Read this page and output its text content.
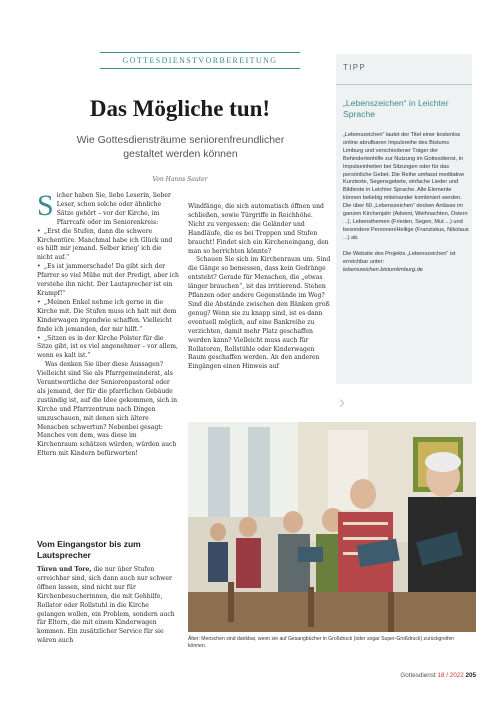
GOTTESDIENSTVORBEREITUNG
Das Mögliche tun!
Wie Gottesdiensträume seniorenfreundlicher
gestaltet werden können
Von Hanns Sauter

Sicher haben Sie, liebe Leserin, lieber Leser, schon solche oder ähnliche Sätze gehört – vor der Kirche, im Pfarrcafé oder im Seniorenkreis:

• „Erst die Stufen, dann die schwere Kirchentüre. Manchmal habe ich Glück und es hilft mir jemand. Selber krieg' ich die nicht auf.“

• „Es ist jammerschade! Da gibt sich der Pfarrer so viel Mühe mit der Predigt, aber ich verstehe ihn nicht. Der Lautsprecher ist ein Krampf!“

• „Meinen Enkel nehme ich gerne in die Kirche mit. Die Stufen muss ich halt mit dem Kinderwagen irgendwie schaffen. Vielleicht finde ich jemanden, der mir hilft.“

• „Sitzen es in der Kirche Polster für die Sitze gibt, ist es viel angenehmer – vor allem, wenn es kalt ist.“

Was denken Sie über diese Aussagen? Vielleicht sind Sie als Pfarrgemeinderat, als Verantwortliche der Seniorenpastoral oder als jemand, der für die pfarrlichen Gebäude zuständig ist, auf die Idee gekommen, sich in Kirche und Pfarrzentrum nach Dingen umzuschauen, mit denen sich ältere Menschen schwertun? Nebenbei gesagt: Manches von dem, was diese im Kirchenraum schätzen würden, würden auch Eltern mit Kindern befürworten!

Vom Eingangstor bis zum

Lautsprecher

Türen und Tore, die nur über Stufen erreichbar sind, sich dann auch nur schwer öffnen lassen, sind nicht nur für Kirchenbesucherinnen, die mit Gehhilfe, Rollator oder Rollstuhl in die Kirche gelangen wollen, ein Problem, sondern auch für Eltern, die mit einem Kinderwagen kommen. Ein zusätzlicher Service für sie wären auch

Windfänge, die sich automatisch öffnen und schließen, sowie Türgriffe in Reichhöhe. Nicht zu vergessen: die Geländer und Handläufe, die es bei Treppen und Stufen braucht! Findet sich ein Kircheneingang, den man so herrichten könnte?

Schauen Sie sich im Kirchenraum um. Sind die Gänge so bemessen, dass kein Gedränge entsteht? Gerade für Menschen, die „etwas länger brauchen“, ist das irritierend. Stehen Pflanzen oder andere Gegenstände im Weg? Sind die Abstände zwischen den Bänken groß genug? Wenn sie zu knapp sind, ist es dann eventuell möglich, auf eine Bankreihe zu verzichten, damit mehr Platz geschaffen werden kann? Vielleicht muss auch für Rollatoren, Rollstühle oder Kinderwagen Raum geschaffen werden. An den anderen Eingängen einen Hinweis auf

〉
TIPP
„Lebenszeichen“ in Leichter Sprache

„Lebenszeichen“ lautet der Titel einer kostenlos online abrufbaren Impulsreihe des Bistums Limburg und verschiedener Träger der Behindertenhilfe zur Nutzung im Gottesdienst, in Impulseinheiten bei Sitzungen oder für das persönliche Gebet. Die Reihe umfasst meditative Kurztexte, Segensgebete, einfache Lieder und Bildtexte in Leichter Sprache. Alle Elemente können beliebig miteinander kombiniert werden. Die über 60 „Lebenszeichen“ decken Anlässe im ganzen Kirchenjahr (Advent, Weihnachten, Ostern ...), Lebensthemen (Frieden, Segen, Mut ...) und besondere Personen/Heilige (Franziskus, Nikolaus ...) ab.

Die Website des Projekts „Lebenszeichen“ ist erreichbar unter:

lebenszeichen.bistumlimburg.de

Älter: Menschen sind dankbar, wenn sie auf Gesangbücher in Großdruck (oder sogar Super-Großdruck) zurückgreifen können.
Gottesdienst 18 / 2022 205
